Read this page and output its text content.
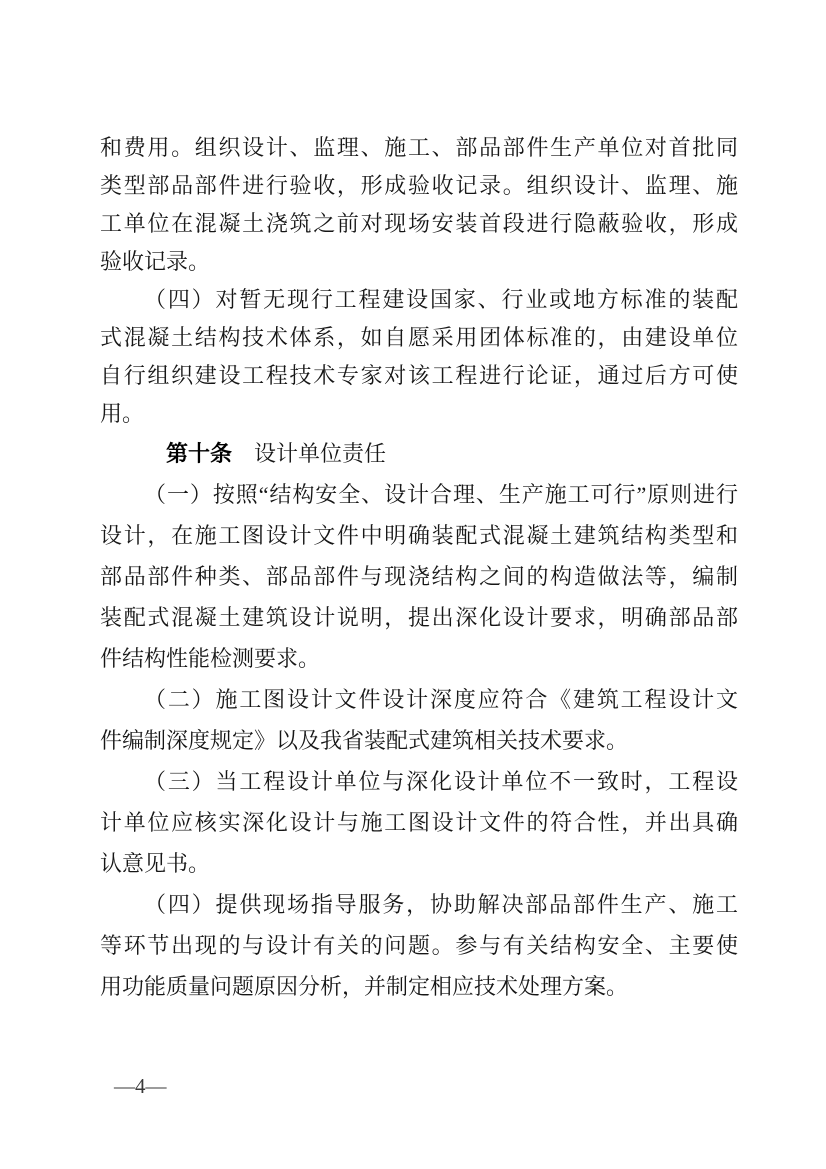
和费用。组织设计、监理、施工、部品部件生产单位对首批同

类型部品部件进行验收，形成验收记录。组织设计、监理、施

工单位在混凝土浇筑之前对现场安装首段进行隐蔽验收，形成

验收记录。

（四）对暂无现行工程建设国家、行业或地方标准的装配

式混凝土结构技术体系，如自愿采用团体标准的，由建设单位

自行组织建设工程技术专家对该工程进行论证，通过后方可使

用。

第十条 设计单位责任

（一）按照“结构安全、设计合理、生产施工可行”原则进行

设计，在施工图设计文件中明确装配式混凝土建筑结构类型和

部品部件种类、部品部件与现浇结构之间的构造做法等，编制

装配式混凝土建筑设计说明，提出深化设计要求，明确部品部

件结构性能检测要求。

（二）施工图设计文件设计深度应符合《建筑工程设计文

件编制深度规定》以及我省装配式建筑相关技术要求。

（三）当工程设计单位与深化设计单位不一致时，工程设

计单位应核实深化设计与施工图设计文件的符合性，并出具确

认意见书。

（四）提供现场指导服务，协助解决部品部件生产、施工

等环节出现的与设计有关的问题。参与有关结构安全、主要使

用功能质量问题原因分析，并制定相应技术处理方案。

—4—
